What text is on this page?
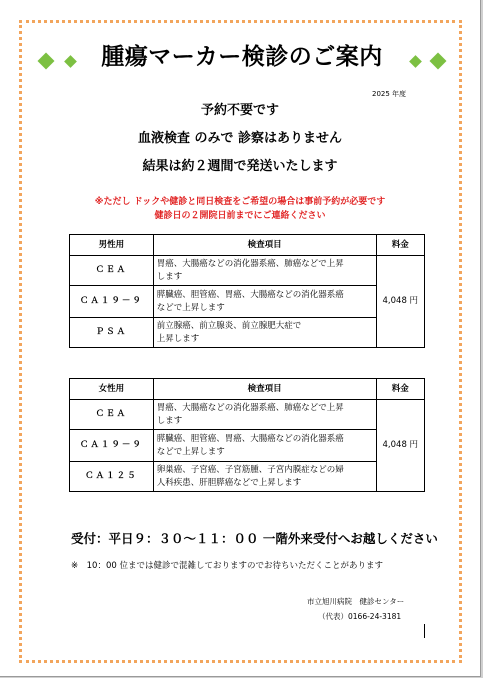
腫瘍マーカー検診のご案内
2025 年度
予約不要です
血液検査 のみで 診察はありません
結果は約２週間で発送いたします
※ただし ドックや健診と同日検査をご希望の場合は事前予約が必要です
健診日の２開院日前までにご連絡ください
男性用	検査項目	料金
ＣＥＡ	胃癌、大腸癌などの消化器系癌、肺癌などで上昇
します	4,048 円
ＣＡ１９－９	膵臓癌、胆管癌、胃癌、大腸癌などの消化器系癌
などで上昇します	

ＰＳＡ	前立腺癌、前立腺炎、前立腺肥大症で
上昇します	
女性用	検査項目	料金
ＣＥＡ	胃癌、大腸癌などの消化器系癌、肺癌などで上昇
します	4,048 円
ＣＡ１９－９	膵臓癌、胆管癌、胃癌、大腸癌などの消化器系癌
などで上昇します	

ＣＡ１２５	卵巣癌、子宮癌、子宮筋腫、子宮内膜症などの婦
人科疾患、肝胆膵癌などで上昇します	
受付：平日９：３０～１１：００ 一階外来受付へお越しください
※　10：00 位までは健診で混雑しておりますのでお待ちいただくことがあります
市立旭川病院　健診センター
（代表）0166-24-3181
